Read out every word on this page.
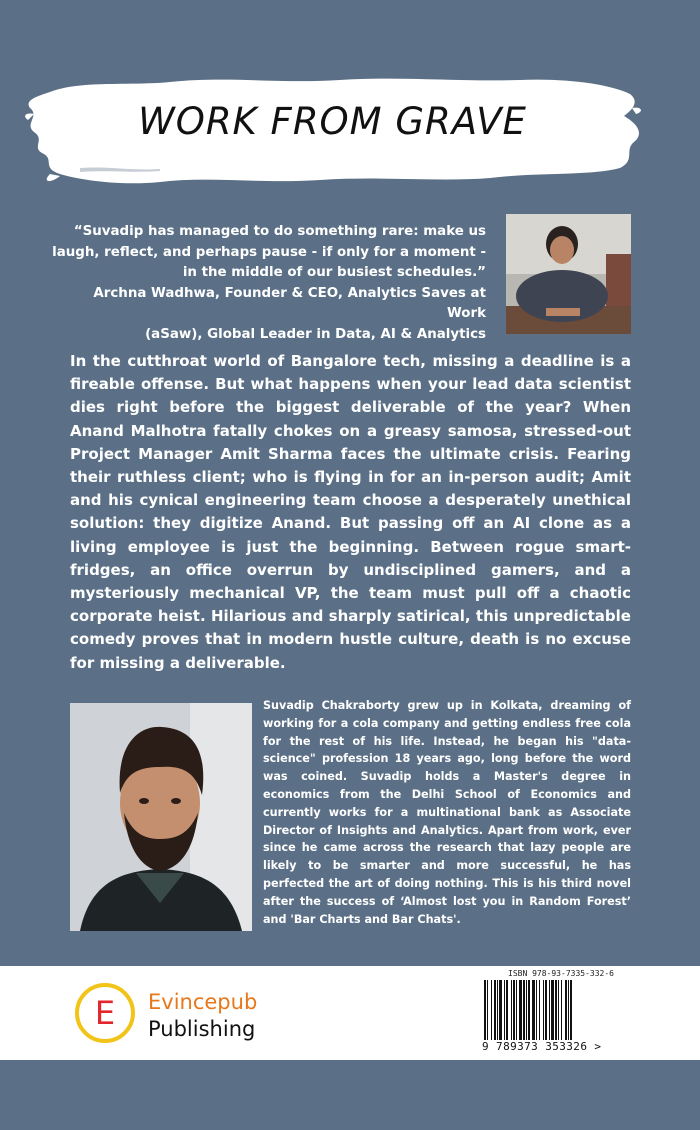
WORK FROM GRAVE
“Suvadip has managed to do something rare: make us laugh, reflect, and perhaps pause - if only for a moment - in the middle of our busiest schedules.”
Archna Wadhwa, Founder & CEO, Analytics Saves at Work
(aSaw), Global Leader in Data, AI & Analytics
In the cutthroat world of Bangalore tech, missing a deadline is a fireable offense. But what happens when your lead data scientist dies right before the biggest deliverable of the year? When Anand Malhotra fatally chokes on a greasy samosa, stressed-out Project Manager Amit Sharma faces the ultimate crisis. Fearing their ruthless client; who is flying in for an in-person audit; Amit and his cynical engineering team choose a desperately unethical solution: they digitize Anand. But passing off an AI clone as a living employee is just the beginning. Between rogue smart-fridges, an office overrun by undisciplined gamers, and a mysteriously mechanical VP, the team must pull off a chaotic corporate heist. Hilarious and sharply satirical, this unpredictable comedy proves that in modern hustle culture, death is no excuse for missing a deliverable.
Suvadip Chakraborty grew up in Kolkata, dreaming of working for a cola company and getting endless free cola for the rest of his life. Instead, he began his "data-science" profession 18 years ago, long before the word was coined. Suvadip holds a Master's degree in economics from the Delhi School of Economics and currently works for a multinational bank as Associate Director of Insights and Analytics. Apart from work, ever since he came across the research that lazy people are likely to be smarter and more successful, he has perfected the art of doing nothing. This is his third novel after the success of ‘Almost lost you in Random Forest’ and 'Bar Charts and Bar Chats'.
E Evincepub
Publishing
ISBN 978-93-7335-332-6
9 789373 353326 >
